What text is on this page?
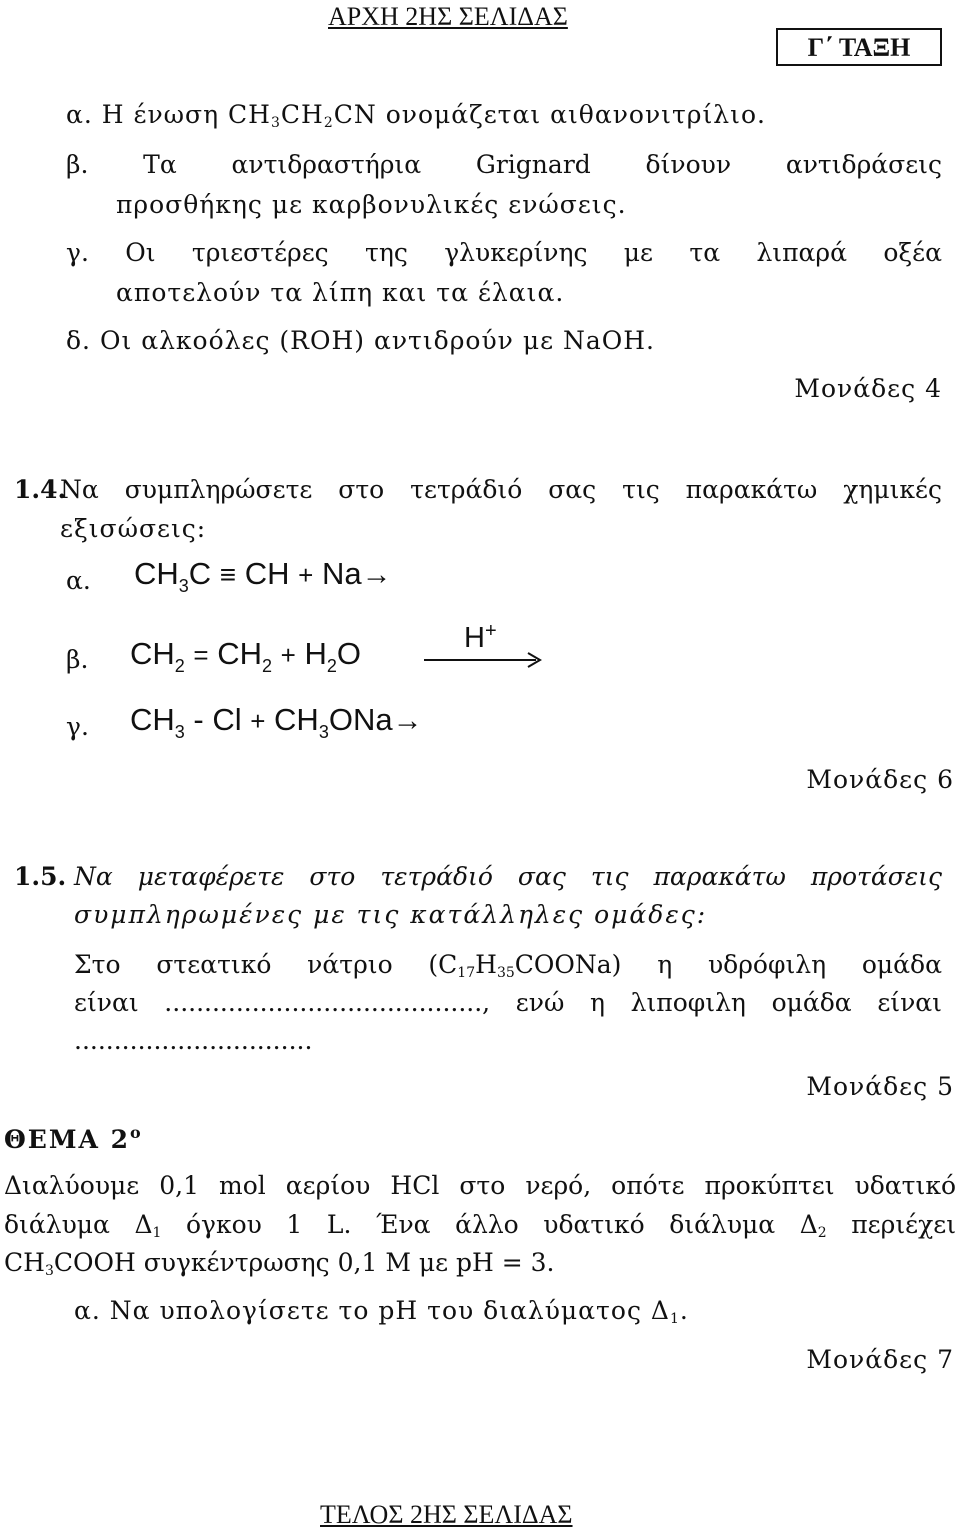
ΑΡΧΗ 2ΗΣ ΣΕΛΙΔΑΣ
Γ΄ ΤΑΞΗ
α. Η ένωση $CH_3CH_2CN$ ονομάζεται αιθανονιτρίλιο.
β. Τα αντιδραστήρια Grignard δίνουν αντιδράσεις
προσθήκης με καρβονυλικές ενώσεις.
γ. Οι τριεστέρες της γλυκερίνης με τα λιπαρά οξέα
αποτελούν τα λίπη και τα έλαια.
δ. Οι αλκοόλες (ROH) αντιδρούν με NaOH.
Μονάδες 4
1.4.
Να συμπληρώσετε στο τετράδιό σας τις παρακάτω χημικές
εξισώσεις:
α. $CH_3C$ ≡ CH + Na→
H+
β. $CH_2 = CH_2 + H_2O$
γ. $CH_3 - Cl + CH_3ONa\to$
Μονάδες 6
1.5. Να μεταφέρετε στο τετράδιό σας τις παρακάτω προτάσεις
συμπληρωμένες με τις κατάλληλες ομάδες:
Στο στεατικό νάτριο $(C_{17}H_{35}COONa)$ η υδρόφιλη ομάδα
είναι ........................................, ενώ η λιποφιλη ομάδα είναι
..............................
Μονάδες 5
ΘΕΜΑ $2^o$
Διαλύουμε 0,1 mol αερίου HCl στο νερό, οπότε προκύπτει υδατικό
διάλυμα $\Delta_1$ όγκου 1 L. Ένα άλλο υδατικό διάλυμα $\Delta_2$ περιέχει
$CH_3COOH$ συγκέντρωσης 0,1 M με pH = 3.
α. Να υπολογίσετε το pH του διαλύματος $\Delta_1$.
Μονάδες 7
ΤΕΛΟΣ 2ΗΣ ΣΕΛΙΔΑΣ
